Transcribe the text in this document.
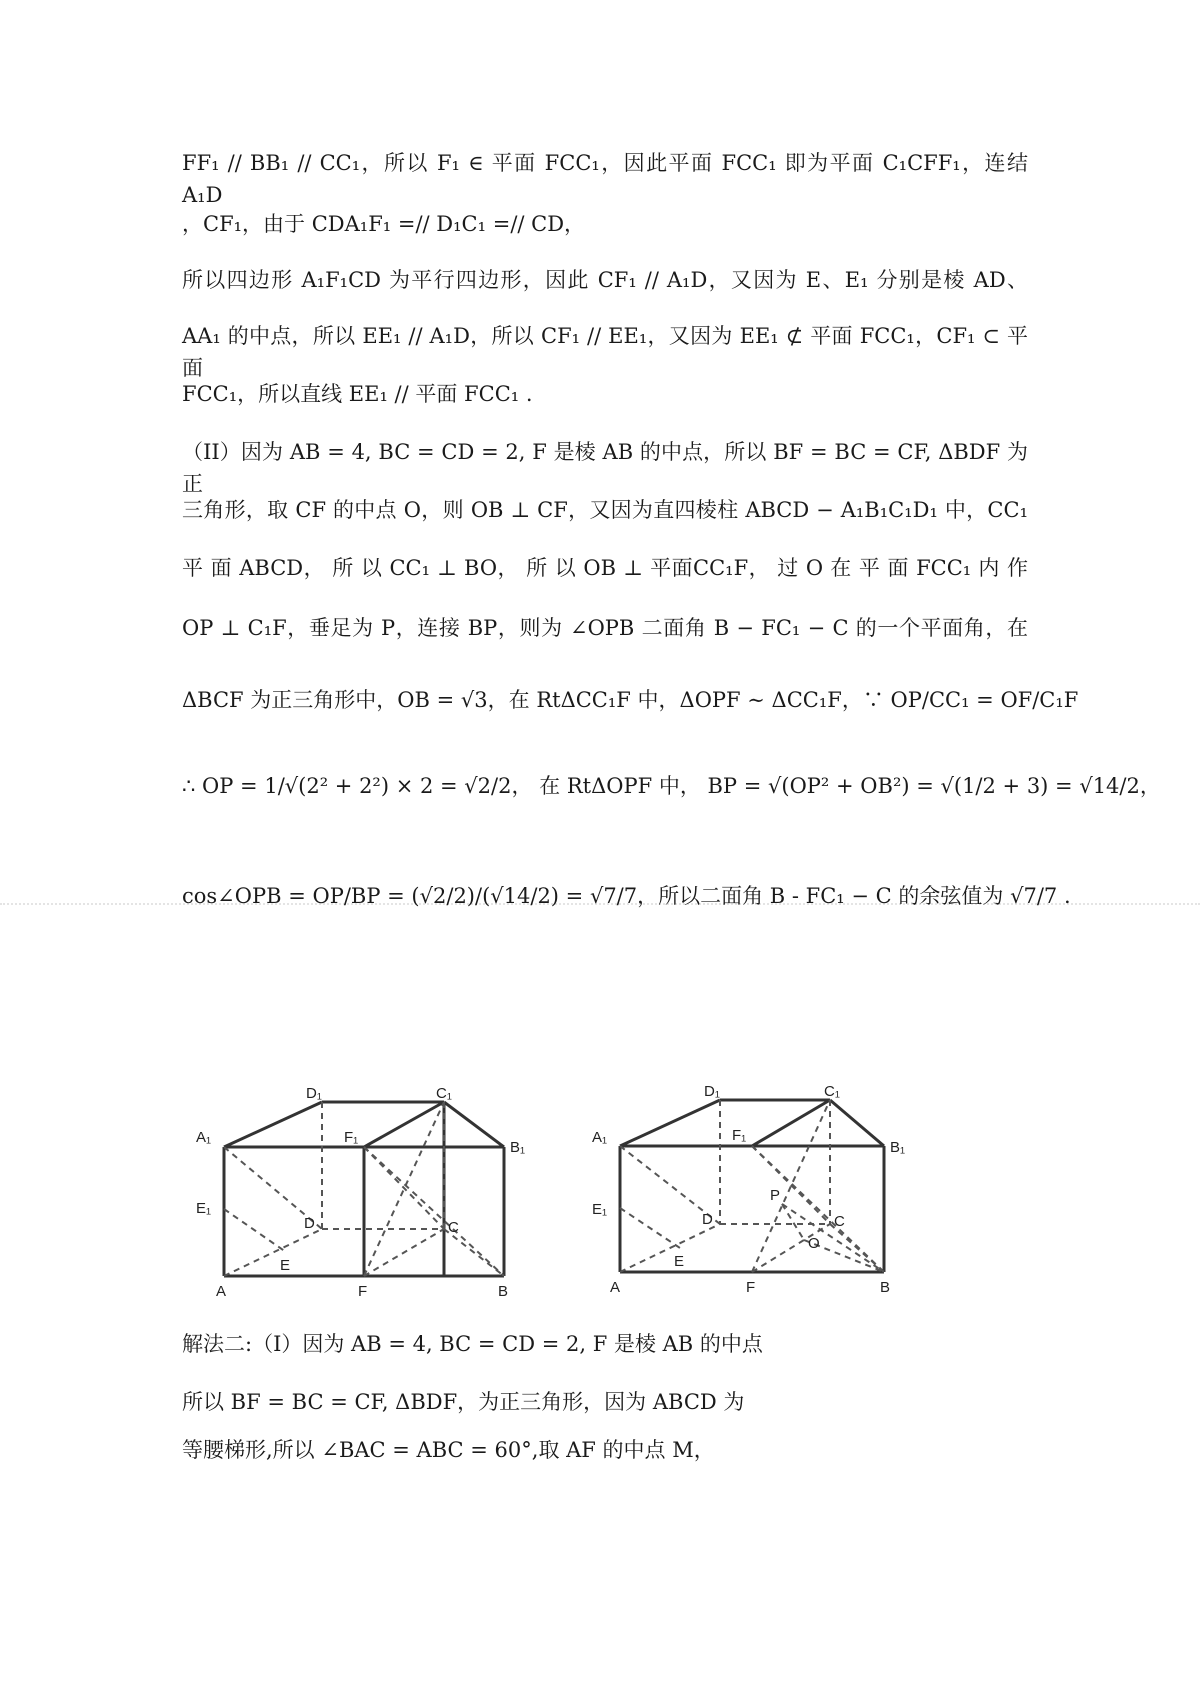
FF₁ // BB₁ // CC₁，所以 F₁ ∈ 平面 FCC₁，因此平面 FCC₁ 即为平面 C₁CFF₁，连结 A₁D
，CF₁，由于 CDA₁F₁ =// D₁C₁ =// CD，
所以四边形 A₁F₁CD 为平行四边形，因此 CF₁ // A₁D，又因为 E、E₁ 分别是棱 AD、
AA₁ 的中点，所以 EE₁ // A₁D，所以 CF₁ // EE₁，又因为 EE₁ ⊄ 平面 FCC₁，CF₁ ⊂ 平面
FCC₁，所以直线 EE₁ // 平面 FCC₁ .
（II）因为 AB = 4, BC = CD = 2, F 是棱 AB 的中点，所以 BF = BC = CF, ΔBDF 为正
三角形，取 CF 的中点 O，则 OB ⊥ CF，又因为直四棱柱 ABCD − A₁B₁C₁D₁ 中，CC₁
平 面 ABCD， 所 以 CC₁ ⊥ BO， 所 以 OB ⊥ 平面CC₁F， 过 O 在 平 面 FCC₁ 内 作
OP ⊥ C₁F，垂足为 P，连接 BP，则为 ∠OPB 二面角 B − FC₁ − C 的一个平面角，在
ΔBCF 为正三角形中，OB = √3，在 RtΔCC₁F 中，ΔOPF ∼ ΔCC₁F，∵ OP/CC₁ = OF/C₁F
∴ OP = 1/√(2² + 2²) × 2 = √2/2， 在 RtΔOPF 中， BP = √(OP² + OB²) = √(1/2 + 3) = √14/2，
cos∠OPB = OP/BP = (√2/2)/(√14/2) = √7/7，所以二面角 B - FC₁ − C 的余弦值为 √7/7 .
A₁
D₁	C₁
F₁
B₁
E₁
D	C
E
A	F	B
A₁
D₁	C₁
F₁
B₁
E₁
D	C
P
O
E
A	F	B
解法二:（I）因为 AB = 4, BC = CD = 2, F 是棱 AB 的中点
所以 BF = BC = CF, ΔBDF，为正三角形，因为 ABCD 为
等腰梯形,所以 ∠BAC = ABC = 60°,取 AF 的中点 M，
